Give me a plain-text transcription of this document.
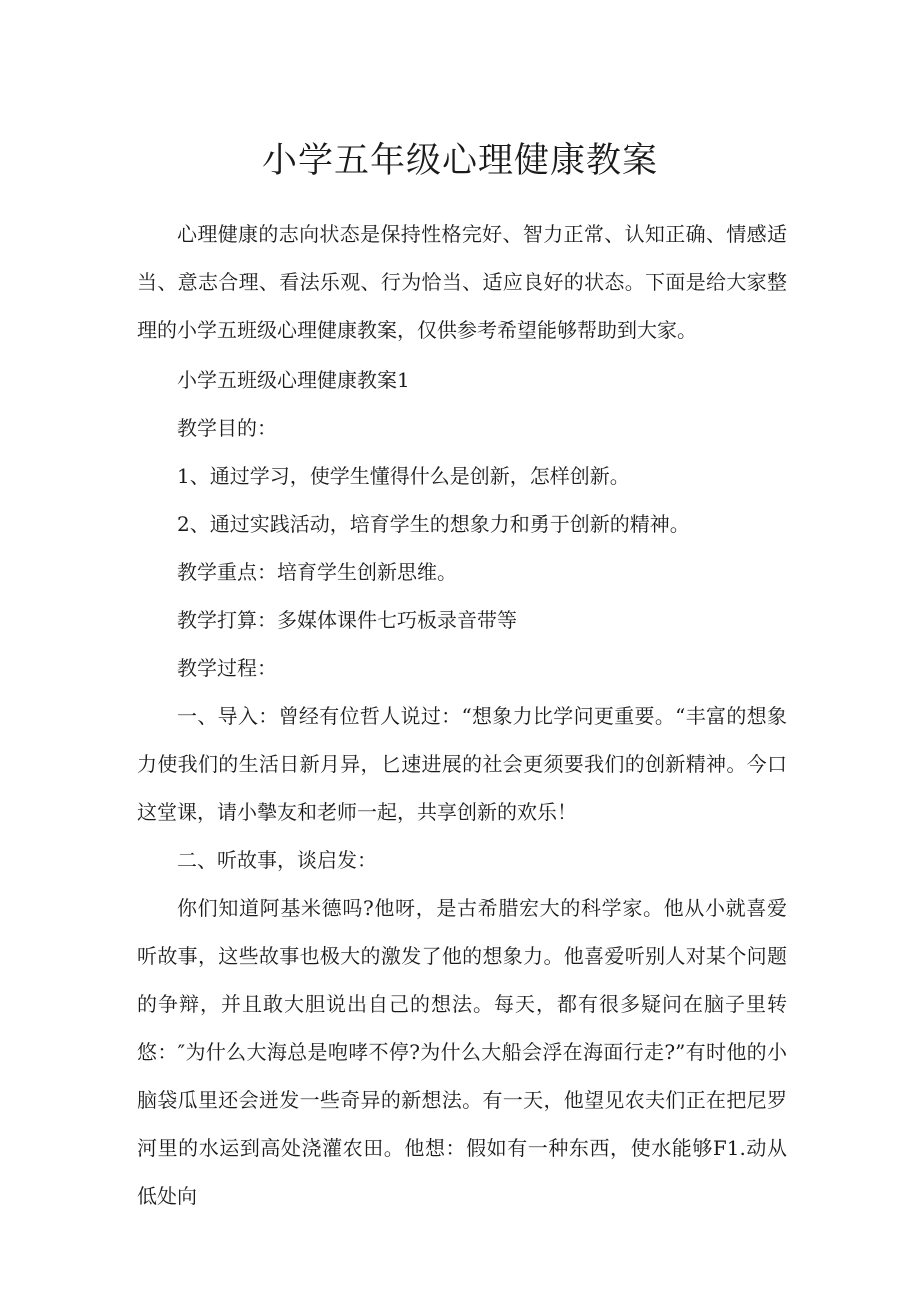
小学五年级心理健康教案

心理健康的志向状态是保持性格完好、智力正常、认知正确、情感适当、意志合理、看法乐观、行为恰当、适应良好的状态。下面是给大家整理的小学五班级心理健康教案，仅供参考希望能够帮助到大家。

小学五班级心理健康教案1

教学目的：

1、通过学习，使学生懂得什么是创新，怎样创新。

2、通过实践活动，培育学生的想象力和勇于创新的精神。

教学重点：培育学生创新思维。

教学打算：多媒体课件七巧板录音带等

教学过程：

一、导入：曾经有位哲人说过：“想象力比学问更重要。“丰富的想象力使我们的生活日新月异，匕速进展的社会更须要我们的创新精神。今口这堂课，请小摰友和老师一起，共享创新的欢乐！

二、听故事，谈启发：

你们知道阿基米德吗?他呀，是古希腊宏大的科学家。他从小就喜爱听故事，这些故事也极大的激发了他的想象力。他喜爱听别人对某个问题的争辩，并且敢大胆说出自己的想法。每天，都有很多疑问在脑子里转悠：″为什么大海总是咆哮不停?为什么大船会浮在海面行走?”有时他的小脑袋瓜里还会迸发一些奇异的新想法。有一天，他望见农夫们正在把尼罗河里的水运到高处浇灌农田。他想：假如有一种东西，使水能够F1.动从低处向
